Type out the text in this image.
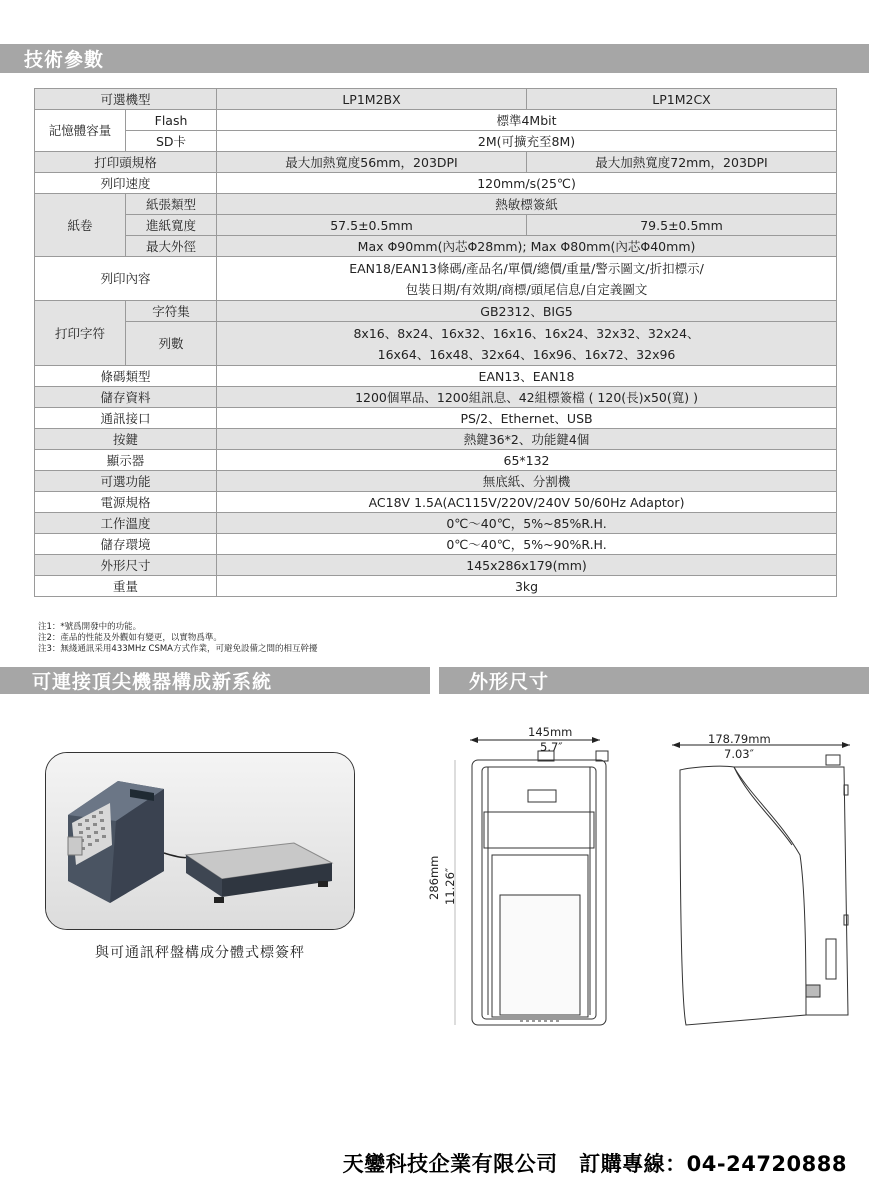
技術參數
可選機型		LP1M2BX	LP1M2CX
記憶體容量	Flash	標準4Mbit	
	SD卡	2M(可擴充至8M)	
打印頭規格		最大加熱寬度56mm，203DPI	最大加熱寬度72mm，203DPI
列印速度		120mm/s(25℃)	
紙卷	紙張類型	熱敏標簽紙	
	進紙寬度	57.5±0.5mm	79.5±0.5mm
	最大外徑	Max Φ90mm(內芯Φ28mm); Max Φ80mm(內芯Φ40mm)	
列印內容		EAN18/EAN13條碼/產品名/單價/總價/重量/警示圖文/折扣標示/
包裝日期/有效期/商標/頭尾信息/自定義圖文	

打印字符	字符集	GB2312、BIG5	
	列數	8x16、8x24、16x32、16x16、16x24、32x32、32x24、
16x64、16x48、32x64、16x96、16x72、32x96	

條碼類型		EAN13、EAN18	
儲存資料		1200個單品、1200組訊息、42組標簽檔 ( 120(長)x50(寬) )	
通訊接口		PS/2、Ethernet、USB	
按鍵		熱鍵36*2、功能鍵4個	
顯示器		65*132	
可選功能		無底紙、分割機	
電源規格		AC18V 1.5A(AC115V/220V/240V 50/60Hz Adaptor)	
工作溫度		0℃～40℃，5%~85%R.H.	
儲存環境		0℃～40℃，5%~90%R.H.	
外形尺寸		145x286x179(mm)	
重量		3kg	
注1：*號爲開發中的功能。
注2：產品的性能及外觀如有變更，以實物爲準。
注3：無綫通訊采用433MHz CSMA方式作業，可避免設備之間的相互幹擾
可連接頂尖機器構成新系統	外形尺寸
與可通訊秤盤構成分體式標簽秤
145mm
5.7″
286mm 11.26″
178.79mm
7.03″
天鑾科技企業有限公司　訂購專線：04-24720888
